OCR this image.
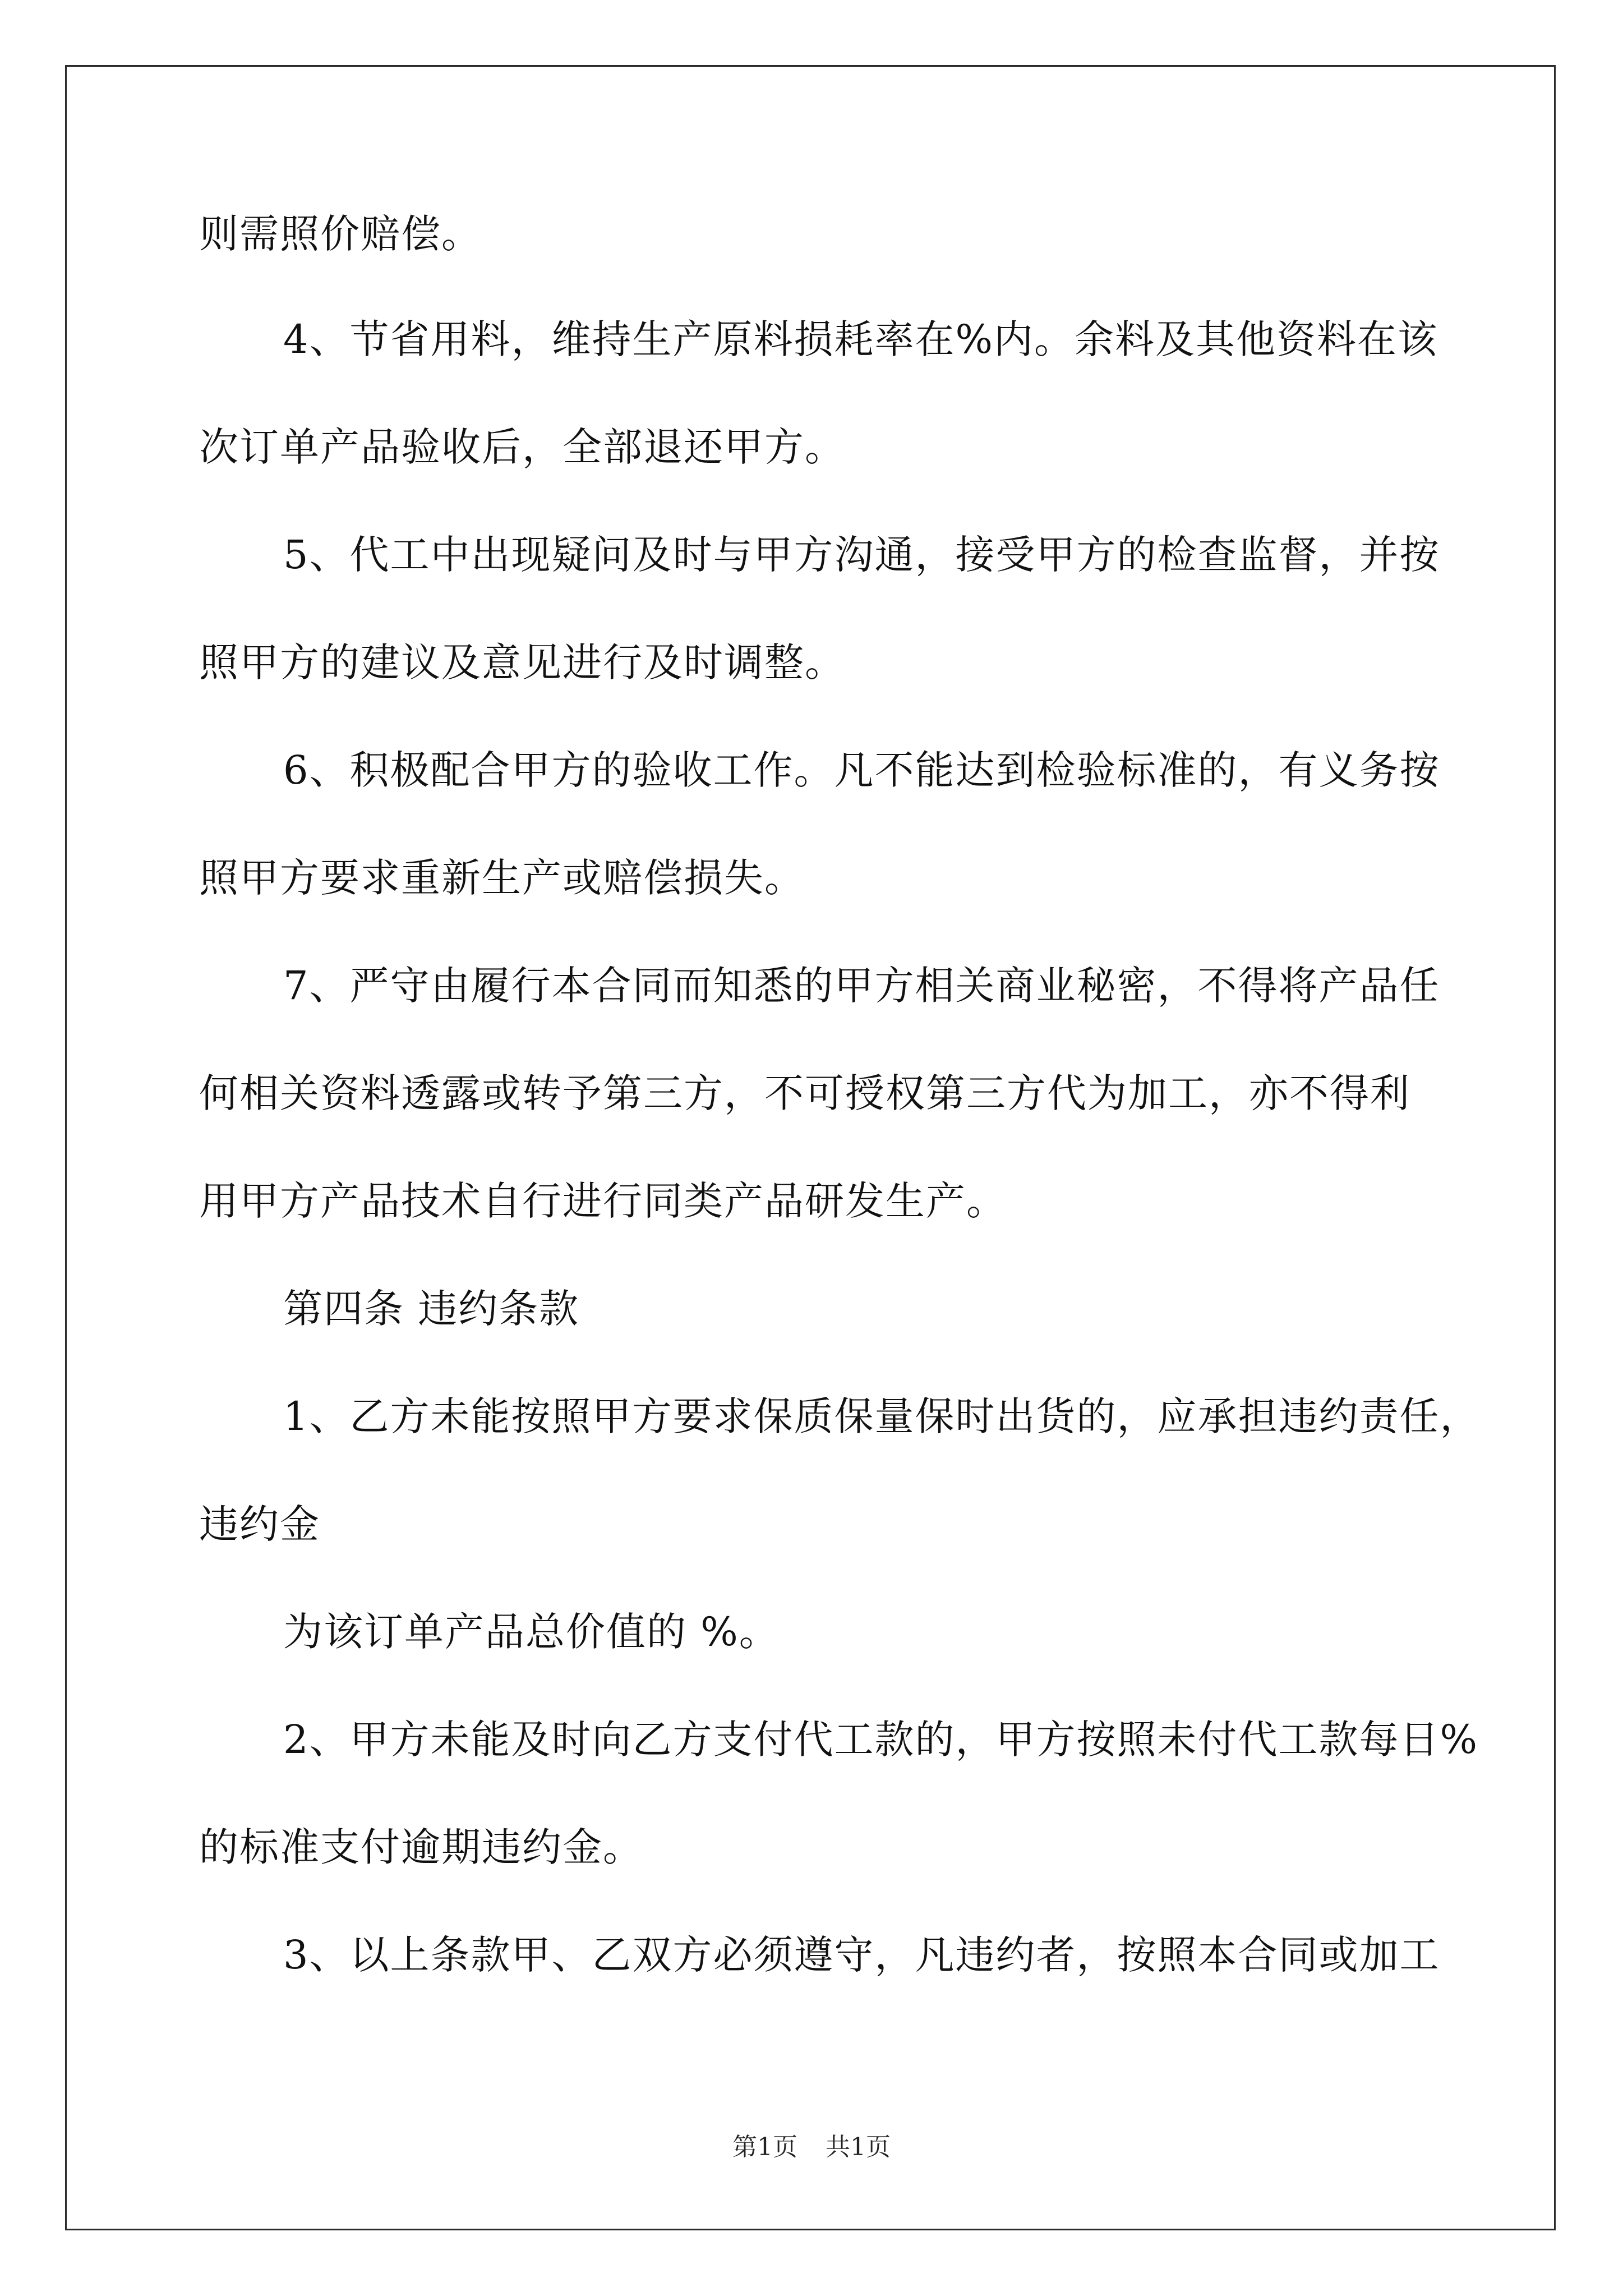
则需照价赔偿。
4、节省用料，维持生产原料损耗率在%内。余料及其他资料在该
次订单产品验收后，全部退还甲方。
5、代工中出现疑问及时与甲方沟通，接受甲方的检查监督，并按
照甲方的建议及意见进行及时调整。
6、积极配合甲方的验收工作。凡不能达到检验标准的，有义务按
照甲方要求重新生产或赔偿损失。
7、严守由履行本合同而知悉的甲方相关商业秘密，不得将产品任
何相关资料透露或转予第三方，不可授权第三方代为加工，亦不得利
用甲方产品技术自行进行同类产品研发生产。
第四条 违约条款
1、乙方未能按照甲方要求保质保量保时出货的，应承担违约责任，
违约金
为该订单产品总价值的 %。
2、甲方未能及时向乙方支付代工款的，甲方按照未付代工款每日%
的标准支付逾期违约金。
3、以上条款甲、乙双方必须遵守，凡违约者，按照本合同或加工
第1页 共1页
